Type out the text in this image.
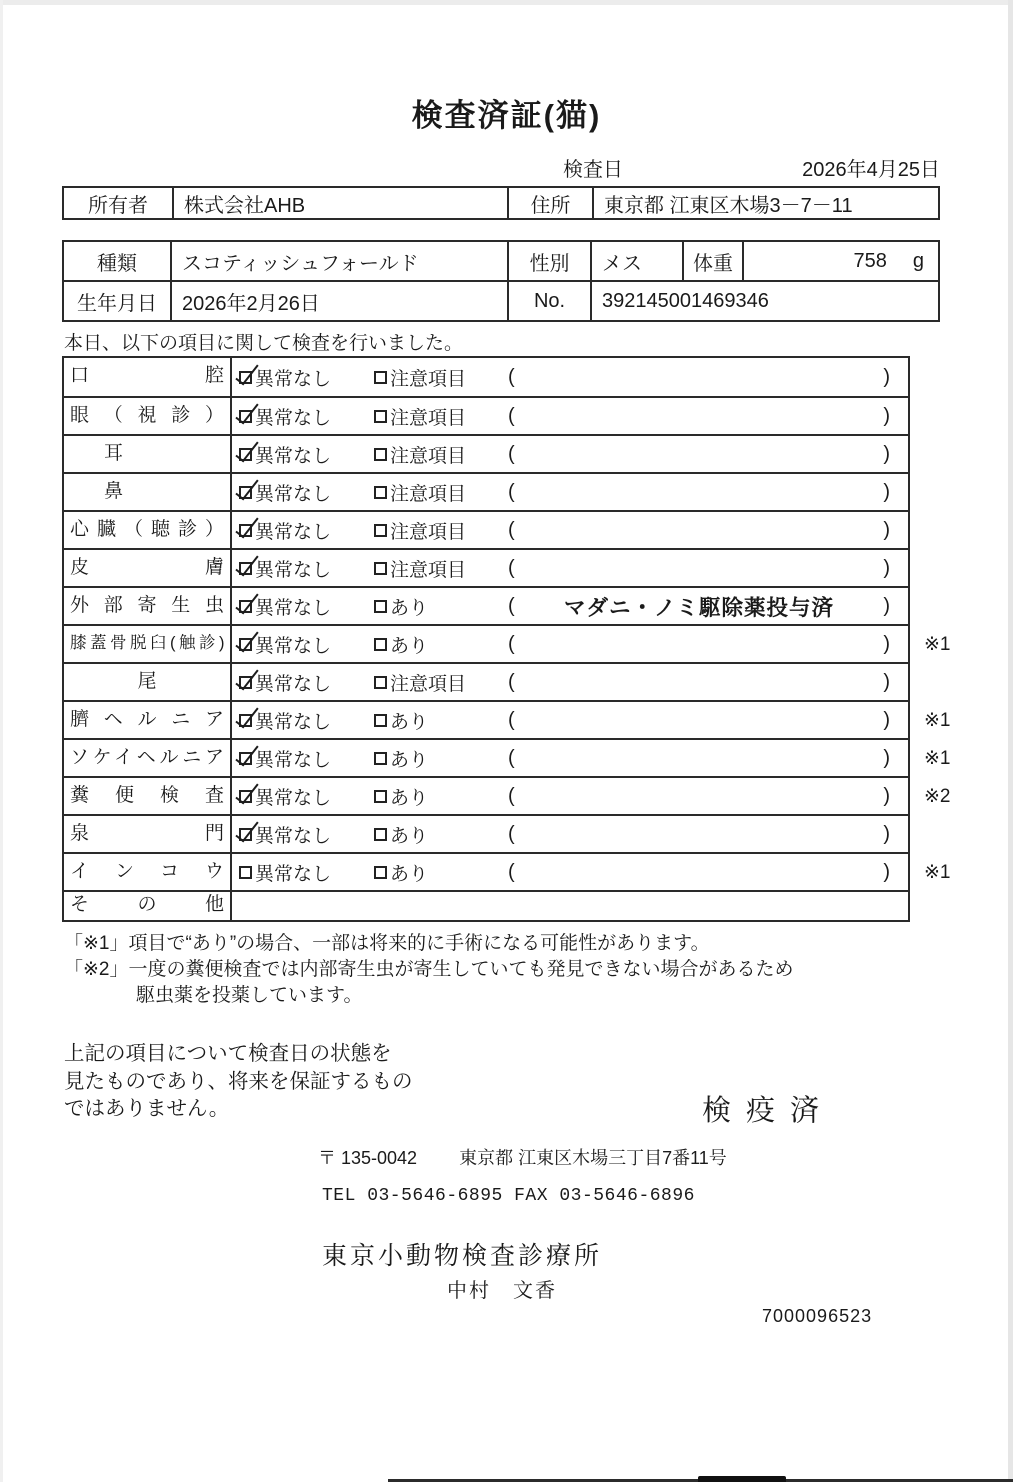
検査済証(猫)
検査日	2026年4月25日
所有者	株式会社AHB	住所	東京都 江東区木場3－7－11
種類	スコティッシュフォールド	性別	メス	体重	758 g
生年月日	2026年2月26日	No.	392145001469346
本日、以下の項目に関して検査を行いました。
口腔	異常なし	注意項目 (	)
眼（視診）	異常なし	注意項目 (	)
耳	異常なし	注意項目 (	)
鼻	異常なし	注意項目 (	)
心臓（聴診）	異常なし	注意項目 (	)
皮膚	異常なし	注意項目 (	)
外部寄生虫	異常なし	あり	(	マダニ・ノミ駆除薬投与済	)
膝蓋骨脱臼(触診)	異常なし	あり	(	)	※1
尾	異常なし	注意項目 (	)
臍ヘルニア	異常なし	あり	(	)	※1
ソケイヘルニア	異常なし	あり	(	)	※1
糞便検査	異常なし	あり	(	)	※2
泉門	異常なし	あり	(	)
インコウ	異常なし	あり	(	)	※1
その他
「※1」項目で“あり”の場合、一部は将来的に手術になる可能性があります。
「※2」一度の糞便検査では内部寄生虫が寄生していても発見できない場合があるため
駆虫薬を投薬しています。
上記の項目について検査日の状態を
見たものであり、将来を保証するもの
ではありません。	検疫済
〒 135-0042 東京都 江東区木場三丁目7番11号
TEL 03-5646-6895 FAX 03-5646-6896
東京小動物検査診療所
中村　文香
7000096523
